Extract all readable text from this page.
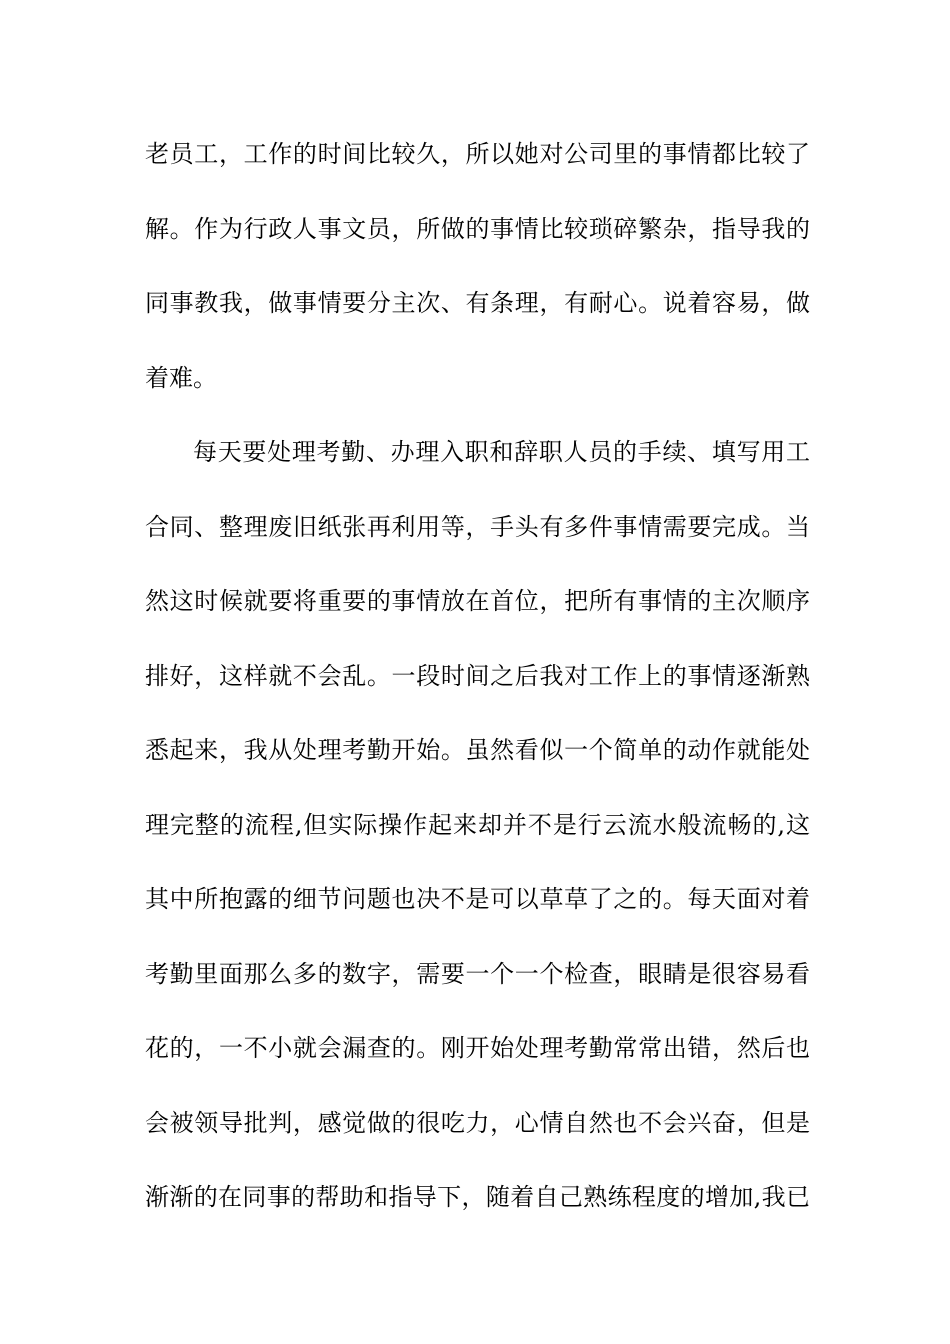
老员工，工作的时间比较久，所以她对公司里的事情都比较了
解。作为行政人事文员，所做的事情比较琐碎繁杂，指导我的
同事教我，做事情要分主次、有条理，有耐心。说着容易，做
着难。
每天要处理考勤、办理入职和辞职人员的手续、填写用工
合同、整理废旧纸张再利用等，手头有多件事情需要完成。当
然这时候就要将重要的事情放在首位，把所有事情的主次顺序
排好，这样就不会乱。一段时间之后我对工作上的事情逐渐熟
悉起来，我从处理考勤开始。虽然看似一个简单的动作就能处
理完整的流程,但实际操作起来却并不是行云流水般流畅的,这
其中所抱露的细节问题也决不是可以草草了之的。每天面对着
考勤里面那么多的数字，需要一个一个检查，眼睛是很容易看
花的，一不小就会漏查的。刚开始处理考勤常常出错，然后也
会被领导批判，感觉做的很吃力，心情自然也不会兴奋，但是
渐渐的在同事的帮助和指导下，随着自己熟练程度的增加,我已
